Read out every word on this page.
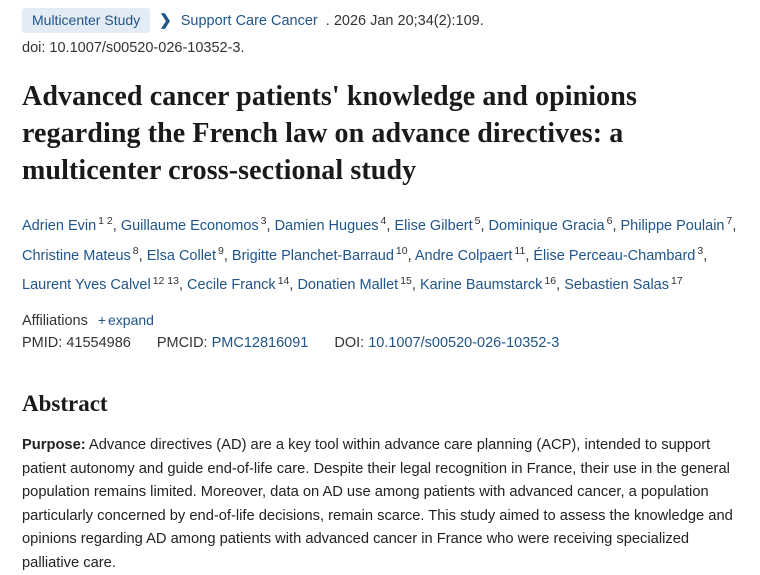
Multicenter Study	❯ Support Care Cancer . 2026 Jan 20;34(2):109.
doi: 10.1007/s00520-026-10352-3.
Advanced cancer patients' knowledge and opinions regarding the French law on advance directives: a multicenter cross-sectional study
Adrien Evin $^{1 2}$, Guillaume Economos $^3$, Damien Hugues $^4$, Elise Gilbert $^5$, Dominique Gracia $^6$, Philippe Poulain $^7$, Christine Mateus $^8$, Elsa Collet $^9$, Brigitte Planchet-Barraud $^{10}$, Andre Colpaert $^{11}$, Élise Perceau-Chambard $^3$, Laurent Yves Calvel $^{12 13}$, Cecile Franck $^{14}$, Donatien Mallet $^{15}$, Karine Baumstarck $^{16}$, Sebastien Salas $^{17}$
Affiliations + expand
PMID: 41554986 PMCID: PMC12816091 DOI: 10.1007/s00520-026-10352-3
Abstract
Purpose: Advance directives (AD) are a key tool within advance care planning (ACP), intended to support patient autonomy and guide end-of-life care. Despite their legal recognition in France, their use in the general population remains limited. Moreover, data on AD use among patients with advanced cancer, a population particularly concerned by end-of-life decisions, remain scarce. This study aimed to assess the knowledge and opinions regarding AD among patients with advanced cancer in France who were receiving specialized palliative care.
